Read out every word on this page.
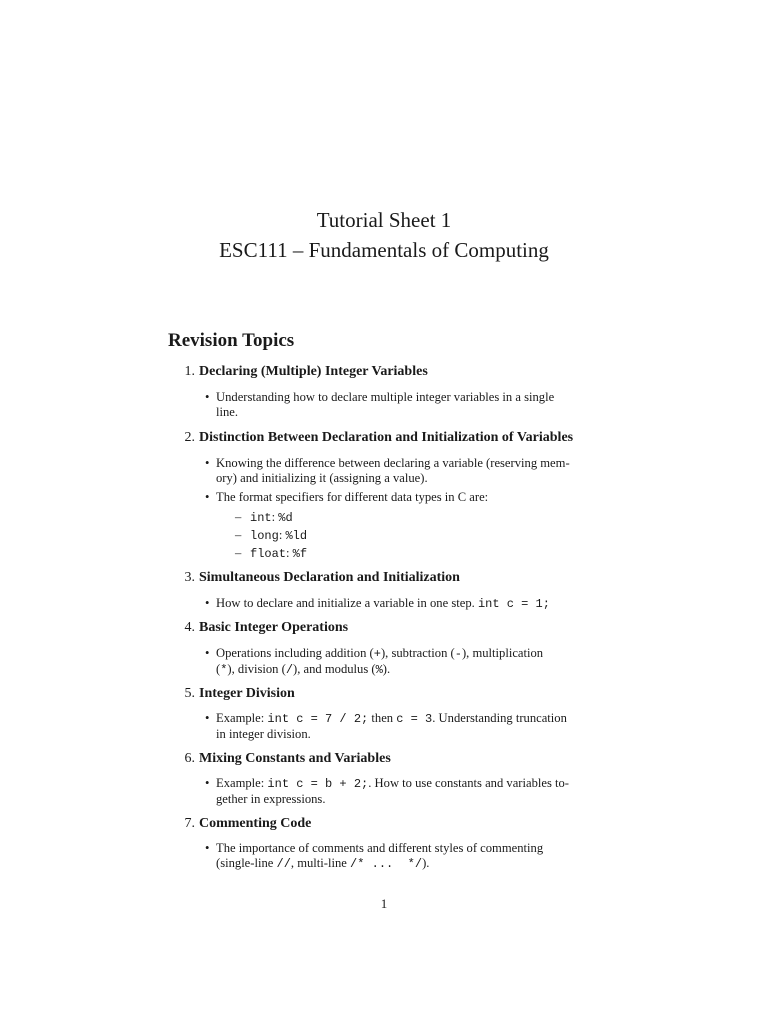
Tutorial Sheet 1
ESC111 – Fundamentals of Computing
Revision Topics
1. Declaring (Multiple) Integer Variables
• Understanding how to declare multiple integer variables in a single
line.
2. Distinction Between Declaration and Initialization of Variables
• Knowing the difference between declaring a variable (reserving mem-
ory) and initializing it (assigning a value).
• The format specifiers for different data types in C are:
– int: %d
– long: %ld
– float: %f
3. Simultaneous Declaration and Initialization
• How to declare and initialize a variable in one step. int c = 1;
4. Basic Integer Operations
• Operations including addition (+), subtraction (-), multiplication
(*), division (/), and modulus (%).
5. Integer Division
• Example: int c = 7 / 2; then c = 3. Understanding truncation
in integer division.
6. Mixing Constants and Variables
• Example: int c = b + 2;. How to use constants and variables to-
gether in expressions.
7. Commenting Code
• The importance of comments and different styles of commenting
(single-line //, multi-line /* ...  */).
1
